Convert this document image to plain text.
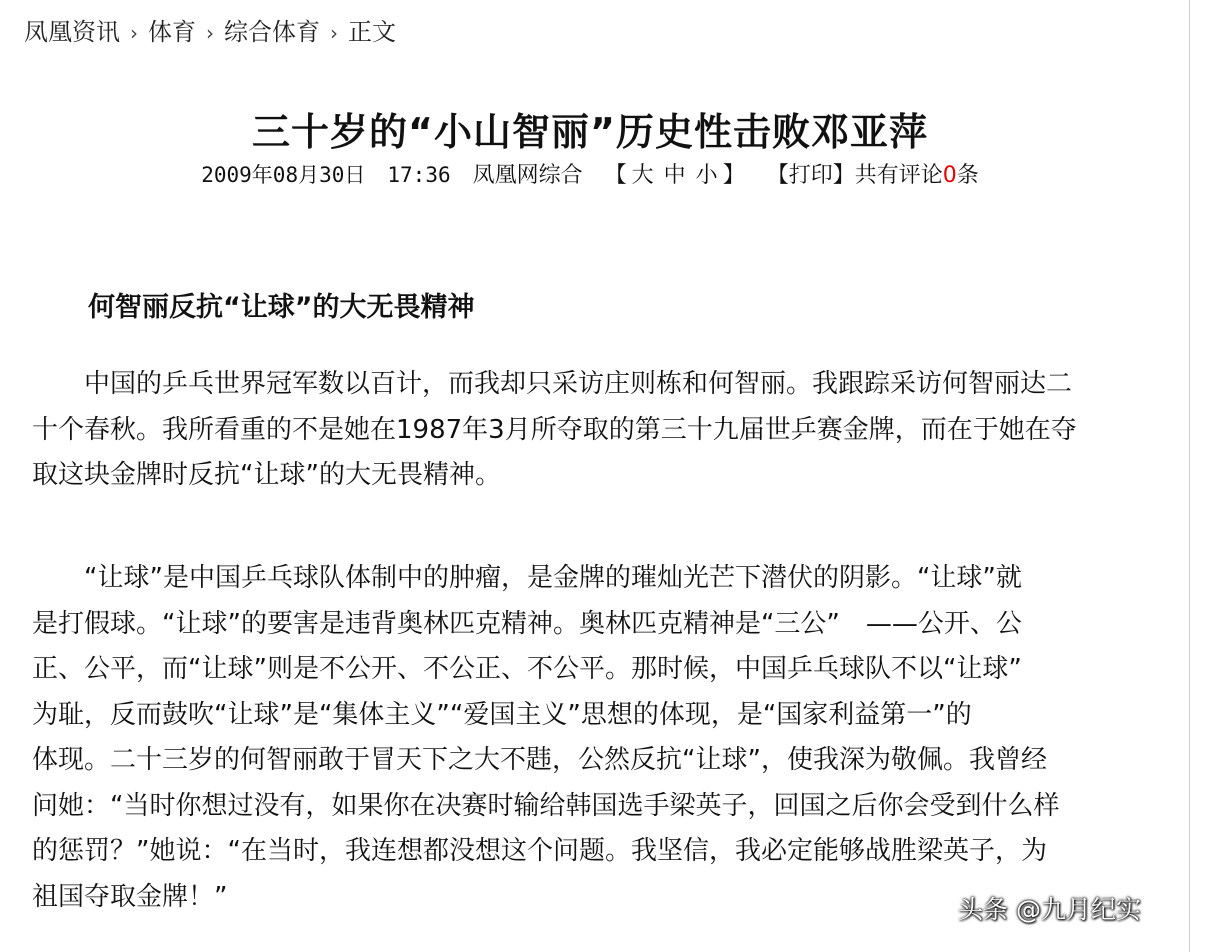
凤凰资讯 › 体育 › 综合体育 › 正文
三十岁的“小山智丽”历史性击败邓亚萍
2009年08月30日 17:36 凤凰网综合 【 大 中 小 】 【打印】共有评论0条
何智丽反抗“让球”的大无畏精神

　　中国的乒乓世界冠军数以百计，而我却只采访庄则栋和何智丽。我跟踪采访何智丽达二
十个春秋。我所看重的不是她在1987年3月所夺取的第三十九届世乒赛金牌，而在于她在夺
取这块金牌时反抗“让球”的大无畏精神。

　　“让球”是中国乒乓球队体制中的肿瘤，是金牌的璀灿光芒下潜伏的阴影。“让球”就
是打假球。“让球”的要害是违背奥林匹克精神。奥林匹克精神是“三公”　——公开、公
正、公平，而“让球”则是不公开、不公正、不公平。那时候，中国乒乓球队不以“让球”
为耻，反而鼓吹“让球”是“集体主义”“爱国主义”思想的体现，是“国家利益第一”的
体现。二十三岁的何智丽敢于冒天下之大不韪，公然反抗“让球”，使我深为敬佩。我曾经
问她：“当时你想过没有，如果你在决赛时输给韩国选手梁英子，回国之后你会受到什么样
的惩罚？”她说：“在当时，我连想都没想这个问题。我坚信，我必定能够战胜梁英子，为
祖国夺取金牌！”	头条 @九月纪实
